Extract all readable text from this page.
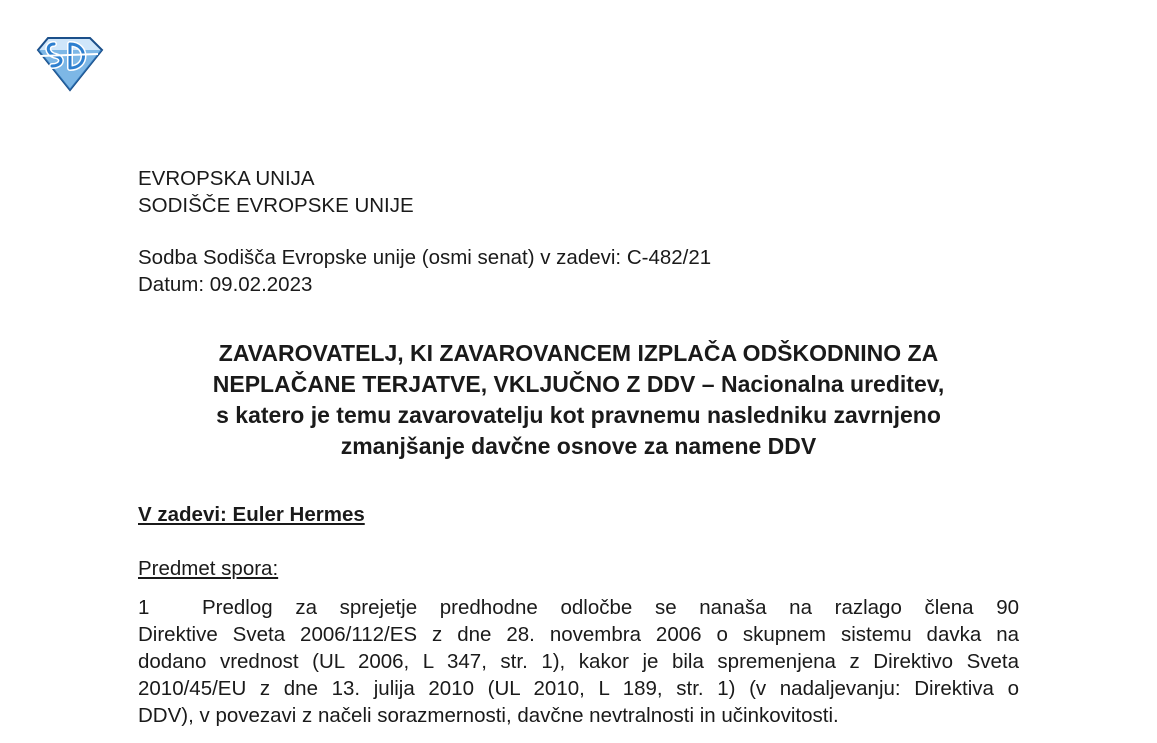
EVROPSKA UNIJA
SODIŠČE EVROPSKE UNIJE
Sodba Sodišča Evropske unije (osmi senat) v zadevi: C-482/21
Datum: 09.02.2023
ZAVAROVATELJ, KI ZAVAROVANCEM IZPLAČA ODŠKODNINO ZA
NEPLAČANE TERJATVE, VKLJUČNO Z DDV – Nacionalna ureditev,
s katero je temu zavarovatelju kot pravnemu nasledniku zavrnjeno
zmanjšanje davčne osnove za namene DDV
V zadevi: Euler Hermes
Predmet spora:
1	Predlog za sprejetje predhodne odločbe se nanaša na razlago člena 90
Direktive Sveta 2006/112/ES z dne 28. novembra 2006 o skupnem sistemu davka na
dodano vrednost (UL 2006, L 347, str. 1), kakor je bila spremenjena z Direktivo Sveta
2010/45/EU z dne 13. julija 2010 (UL 2010, L 189, str. 1) (v nadaljevanju: Direktiva o
DDV), v povezavi z načeli sorazmernosti, davčne nevtralnosti in učinkovitosti.
